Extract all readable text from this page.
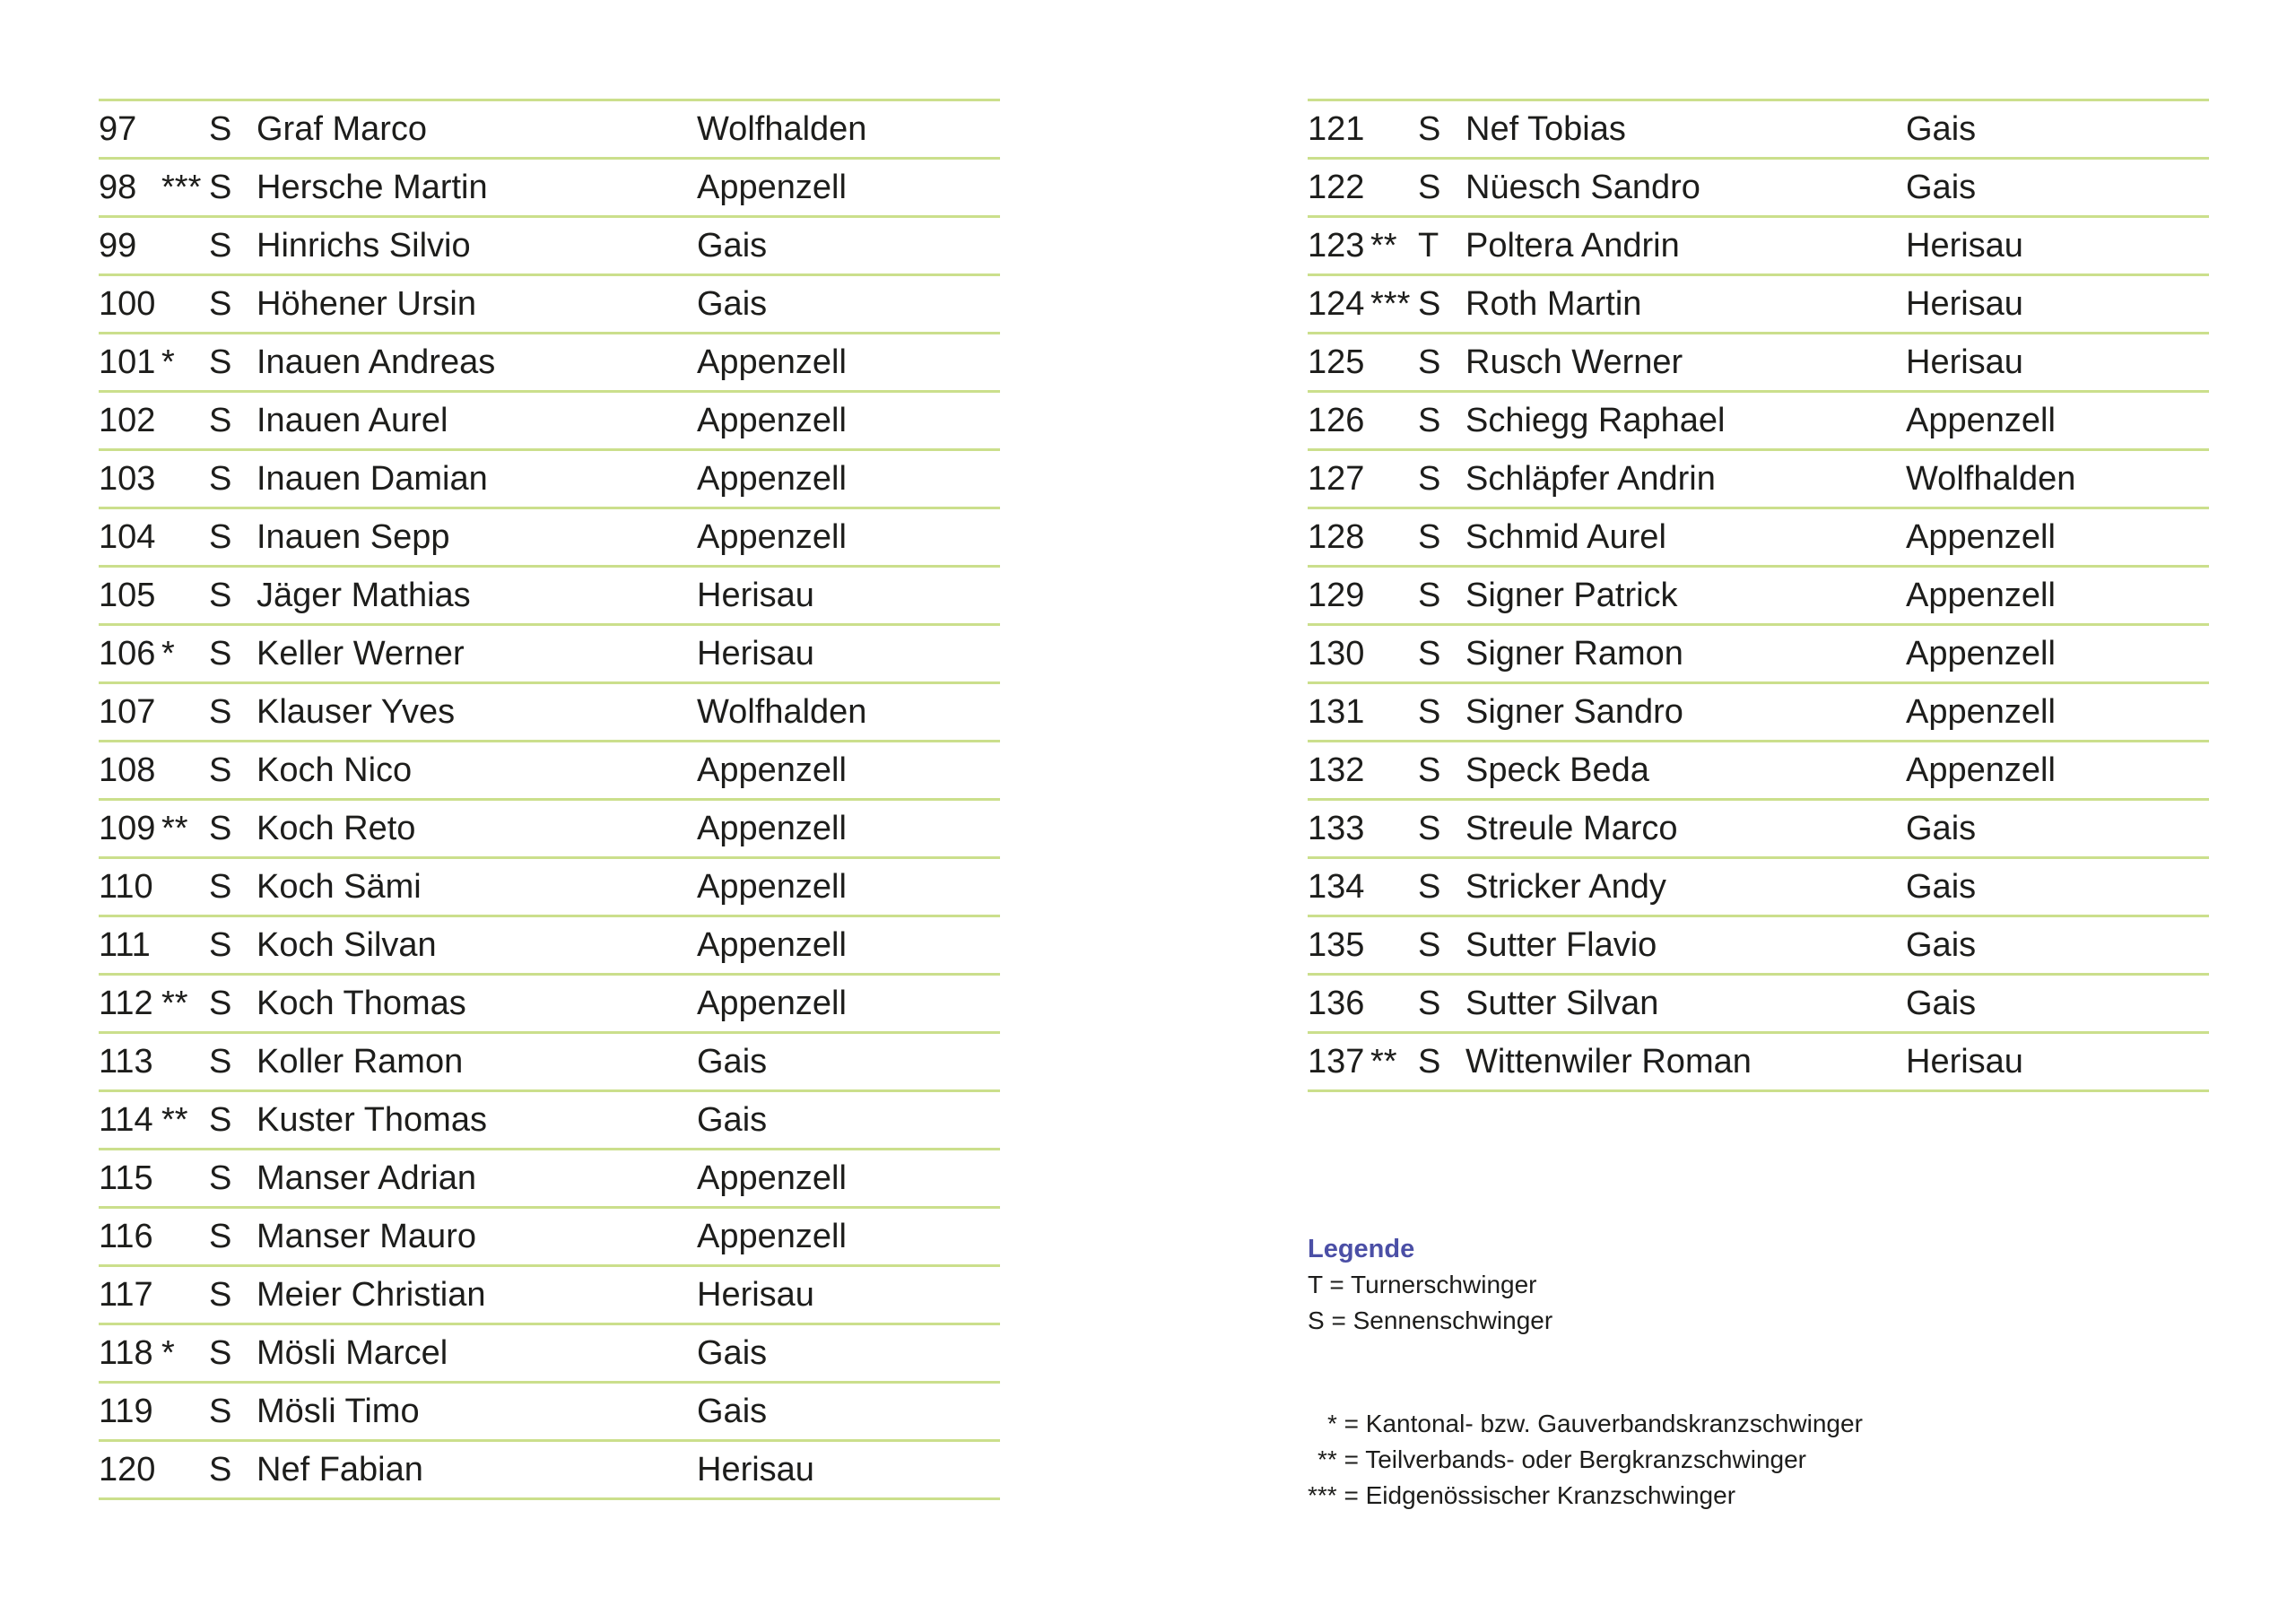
97 S Graf Marco	Wolfhalden
98 *** S Hersche Martin	Appenzell
99 S Hinrichs Silvio	Gais
100 S Höhener Ursin	Gais
101 * S Inauen Andreas	Appenzell
102 S Inauen Aurel	Appenzell
103 S Inauen Damian	Appenzell
104 S Inauen Sepp	Appenzell
105 S Jäger Mathias	Herisau
106 * S Keller Werner	Herisau
107 S Klauser Yves	Wolfhalden
108 S Koch Nico	Appenzell
109 ** S Koch Reto	Appenzell
110 S Koch Sämi	Appenzell
111 S Koch Silvan	Appenzell
112 ** S Koch Thomas	Appenzell
113 S Koller Ramon	Gais
114 ** S Kuster Thomas	Gais
115 S Manser Adrian	Appenzell
116 S Manser Mauro	Appenzell
117 S Meier Christian	Herisau
118 * S Mösli Marcel	Gais
119 S Mösli Timo	Gais
120 S Nef Fabian	Herisau
121 S Nef Tobias	Gais
122 S Nüesch Sandro	Gais
123 ** T Poltera Andrin	Herisau
124 *** S Roth Martin	Herisau
125 S Rusch Werner	Herisau
126 S Schiegg Raphael	Appenzell
127 S Schläpfer Andrin	Wolfhalden
128 S Schmid Aurel	Appenzell
129 S Signer Patrick	Appenzell
130 S Signer Ramon	Appenzell
131 S Signer Sandro	Appenzell
132 S Speck Beda	Appenzell
133 S Streule Marco	Gais
134 S Stricker Andy	Gais
135 S Sutter Flavio	Gais
136 S Sutter Silvan	Gais
137 ** S Wittenwiler Roman	Herisau
Legende
T = Turnerschwinger
S = Sennenschwinger
* = Kantonal- bzw. Gauverbandskranzschwinger
** = Teilverbands- oder Bergkranzschwinger
*** = Eidgenössischer Kranzschwinger
